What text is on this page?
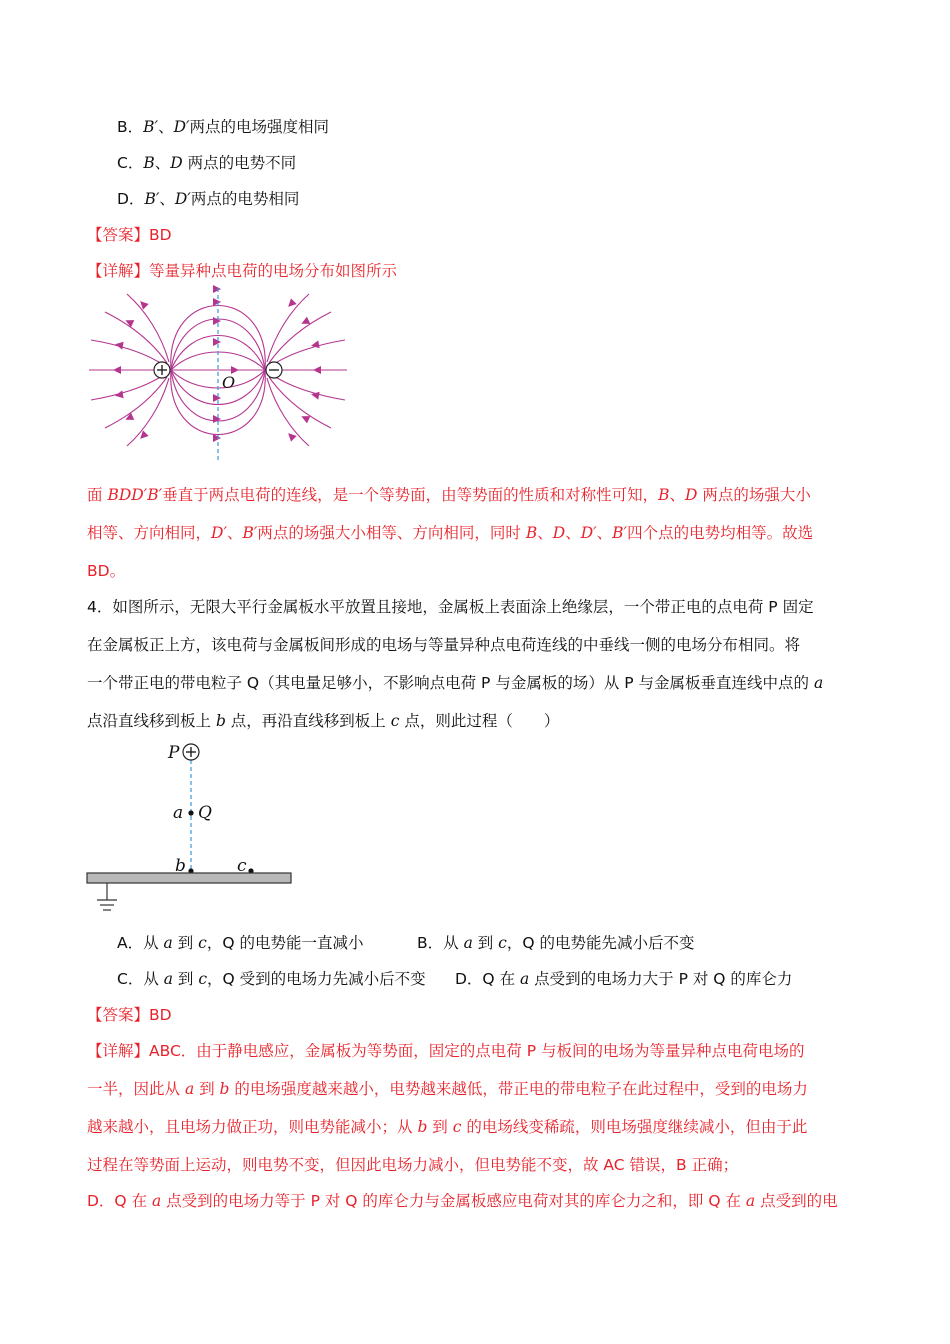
B．B′、D′两点的电场强度相同
C．B、D 两点的电势不同
D．B′、D′两点的电势相同
【答案】BD
【详解】等量异种点电荷的电场分布如图所示
O
面 BDD′B′垂直于两点电荷的连线，是一个等势面，由等势面的性质和对称性可知，B、D 两点的场强大小
相等、方向相同，D′、B′两点的场强大小相等、方向相同，同时 B、D、D′、B′四个点的电势均相等。故选
BD。
4．如图所示，无限大平行金属板水平放置且接地，金属板上表面涂上绝缘层，一个带正电的点电荷 P 固定
在金属板正上方，该电荷与金属板间形成的电场与等量异种点电荷连线的中垂线一侧的电场分布相同。将
一个带正电的带电粒子 Q（其电量足够小，不影响点电荷 P 与金属板的场）从 P 与金属板垂直连线中点的 a
点沿直线移到板上 b 点，再沿直线移到板上 c 点，则此过程（　　）
P
a Q
b	c
A．从 a 到 c，Q 的电势能一直减小	B．从 a 到 c，Q 的电势能先减小后不变
C．从 a 到 c，Q 受到的电场力先减小后不变 D．Q 在 a 点受到的电场力大于 P 对 Q 的库仑力
【答案】BD
【详解】ABC．由于静电感应，金属板为等势面，固定的点电荷 P 与板间的电场为等量异种点电荷电场的
一半，因此从 a 到 b 的电场强度越来越小，电势越来越低，带正电的带电粒子在此过程中，受到的电场力
越来越小，且电场力做正功，则电势能减小；从 b 到 c 的电场线变稀疏，则电场强度继续减小，但由于此
过程在等势面上运动，则电势不变，但因此电场力减小，但电势能不变，故 AC 错误，B 正确；
D．Q 在 a 点受到的电场力等于 P 对 Q 的库仑力与金属板感应电荷对其的库仑力之和，即 Q 在 a 点受到的电
